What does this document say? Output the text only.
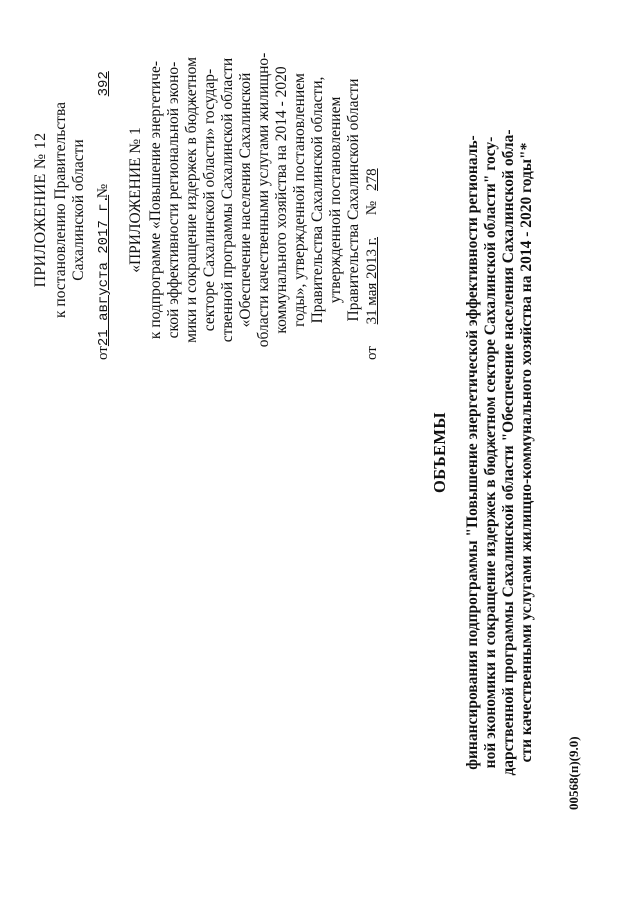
ПРИЛОЖЕНИЕ № 12 к постановлению Правительства Сахалинской области
от21 августа 2017 г.№392
«ПРИЛОЖЕНИЕ № 1 к подпрограмме «Повышение энергетиче- ской эффективности региональной эконо- мики и сокращение издержек в бюджетном секторе Сахалинской области» государ- ственной программы Сахалинской области «Обеспечение населения Сахалинской области качественными услугами жилищно- коммунального хозяйства на 2014 - 2020 годы», утвержденной постановлением Правительства Сахалинской области, утвержденной постановлением Правительства Сахалинской области
от 31 мая 2013 г. №278
ОБЪЕМЫ финансирования подпрограммы "Повышение энергетической эффективности региональ- ной экономики и сокращение издержек в бюджетном секторе Сахалинской области" госу- дарственной программы Сахалинской области "Обеспечение населения Сахалинской обла- сти качественными услугами жилищно-коммунального хозяйства на 2014 - 2020 годы"*
00568(п)(9.0)
